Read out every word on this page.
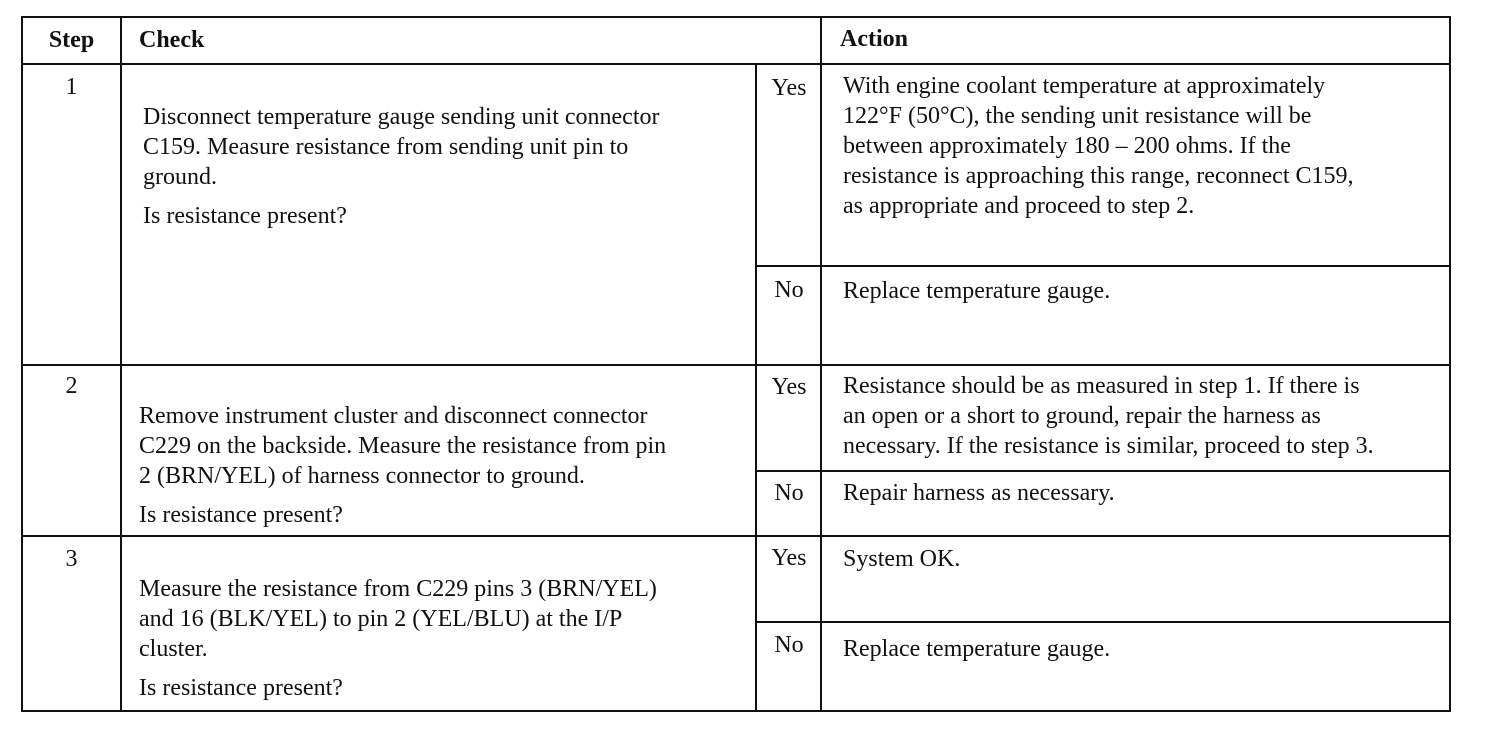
Step	Check	Action
1

Disconnect temperature gauge sending unit connector
C159. Measure resistance from sending unit pin to
ground.

Is resistance present?

Yes	With engine coolant temperature at approximately
122°F (50°C), the sending unit resistance will be
between approximately 180 – 200 ohms. If the
resistance is approaching this range, reconnect C159,
as appropriate and proceed to step 2.
No	Replace temperature gauge.
2

Remove instrument cluster and disconnect connector
C229 on the backside. Measure the resistance from pin
2 (BRN/YEL) of harness connector to ground.

Is resistance present?

Yes	Resistance should be as measured in step 1. If there is
an open or a short to ground, repair the harness as
necessary. If the resistance is similar, proceed to step 3.
No	Repair harness as necessary.
3

Measure the resistance from C229 pins 3 (BRN/YEL)
and 16 (BLK/YEL) to pin 2 (YEL/BLU) at the I/P
cluster.

Is resistance present?

Yes	System OK.
No	Replace temperature gauge.
